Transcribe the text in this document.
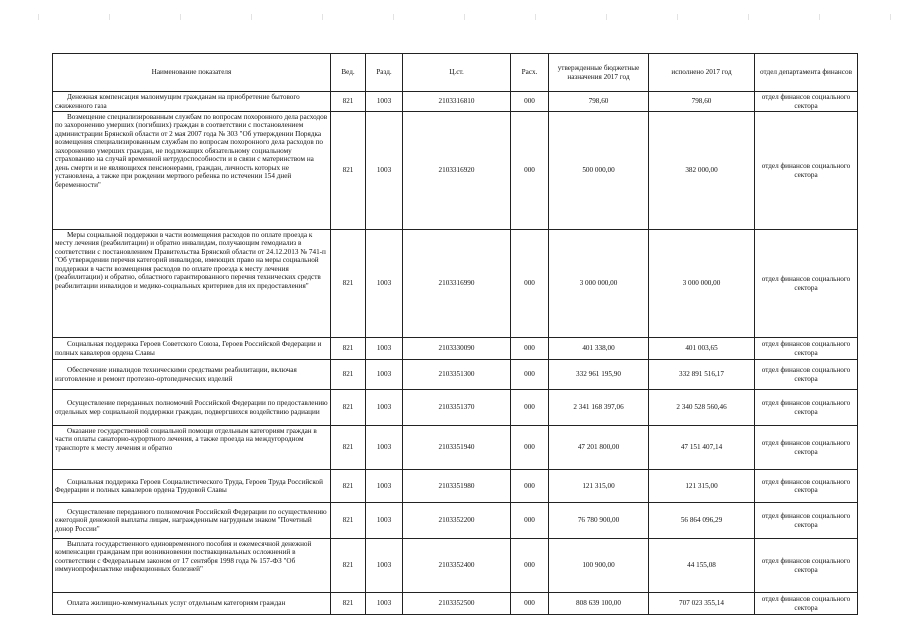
Наименование показателя	Вед.	Разд.	Ц.ст.	Расх.	утвержденные бюджетные назначения 2017 год	исполнено 2017 год	отдел департамента финансов
Денежная компенсация малоимущим гражданам на приобретение бытового сжиженного газа	821	1003	2103316810	000	798,60	798,60	отдел финансов социального сектора
Возмещение специализированным службам по вопросам похоронного дела расходов по захоронению умерших (погибших) граждан в соответствии с постановлением администрации Брянской области от 2 мая 2007 года № 303 "Об утверждении Порядка возмещения специализированным службам по вопросам похоронного дела расходов по захоронению умерших граждан, не подлежащих обязательному социальному страхованию на случай временной нетрудоспособности и в связи с материнством на день смерти и не являющихся пенсионерами, граждан, личность которых не установлена, а также при рождении мертвого ребенка по истечении 154 дней беременности"	821	1003	2103316920	000	500 000,00	382 000,00	отдел финансов социального сектора
Меры социальной поддержки в части возмещения расходов по оплате проезда к месту лечения (реабилитации) и обратно инвалидам, получающим гемодиализ в соответствии с постановлением Правительства Брянской области от 24.12.2013 № 741-п "Об утверждении перечня категорий инвалидов, имеющих право на меры социальной поддержки в части возмещения расходов по оплате проезда к месту лечения (реабилитации) и обратно, областного гарантированного перечня технических средств реабилитации инвалидов и медико-социальных критериев для их предоставления"	821	1003	2103316990	000	3 000 000,00	3 000 000,00	отдел финансов социального сектора
Социальная поддержка Героев Советского Союза, Героев Российской Федерации и полных кавалеров ордена Славы	821	1003	2103330090	000	401 338,00	401 003,65	отдел финансов социального сектора
Обеспечение инвалидов техническими средствами реабилитации, включая изготовление и ремонт протезно-ортопедических изделий	821	1003	2103351300	000	332 961 195,90	332 891 516,17	отдел финансов социального сектора
Осуществление переданных полномочий Российской Федерации по предоставлению отдельных мер социальной поддержки граждан, подвергшихся воздействию радиации	821	1003	2103351370	000	2 341 168 397,06	2 340 528 560,46	отдел финансов социального сектора
Оказание государственной социальной помощи отдельным категориям граждан в части оплаты санаторно-курортного лечения, а также проезда на междугородном транспорте к месту лечения и обратно	821	1003	2103351940	000	47 201 800,00	47 151 407,14	отдел финансов социального сектора
Социальная поддержка Героев Социалистического Труда, Героев Труда Российской Федерации и полных кавалеров ордена Трудовой Славы	821	1003	2103351980	000	121 315,00	121 315,00	отдел финансов социального сектора
Осуществление переданного полномочия Российской Федерации по осуществлению ежегодной денежной выплаты лицам, награжденным нагрудным знаком "Почетный донор России"	821	1003	2103352200	000	76 780 900,00	56 864 096,29	отдел финансов социального сектора
Выплата государственного единовременного пособия и ежемесячной денежной компенсации гражданам при возникновении поствакцинальных осложнений в соответствии с Федеральным законом от 17 сентября 1998 года № 157-ФЗ "Об иммунопрофилактике инфекционных болезней"	821	1003	2103352400	000	100 900,00	44 155,08	отдел финансов социального сектора
Оплата жилищно-коммунальных услуг отдельным категориям граждан	821	1003	2103352500	000	808 639 100,00	707 023 355,14	отдел финансов социального сектора
